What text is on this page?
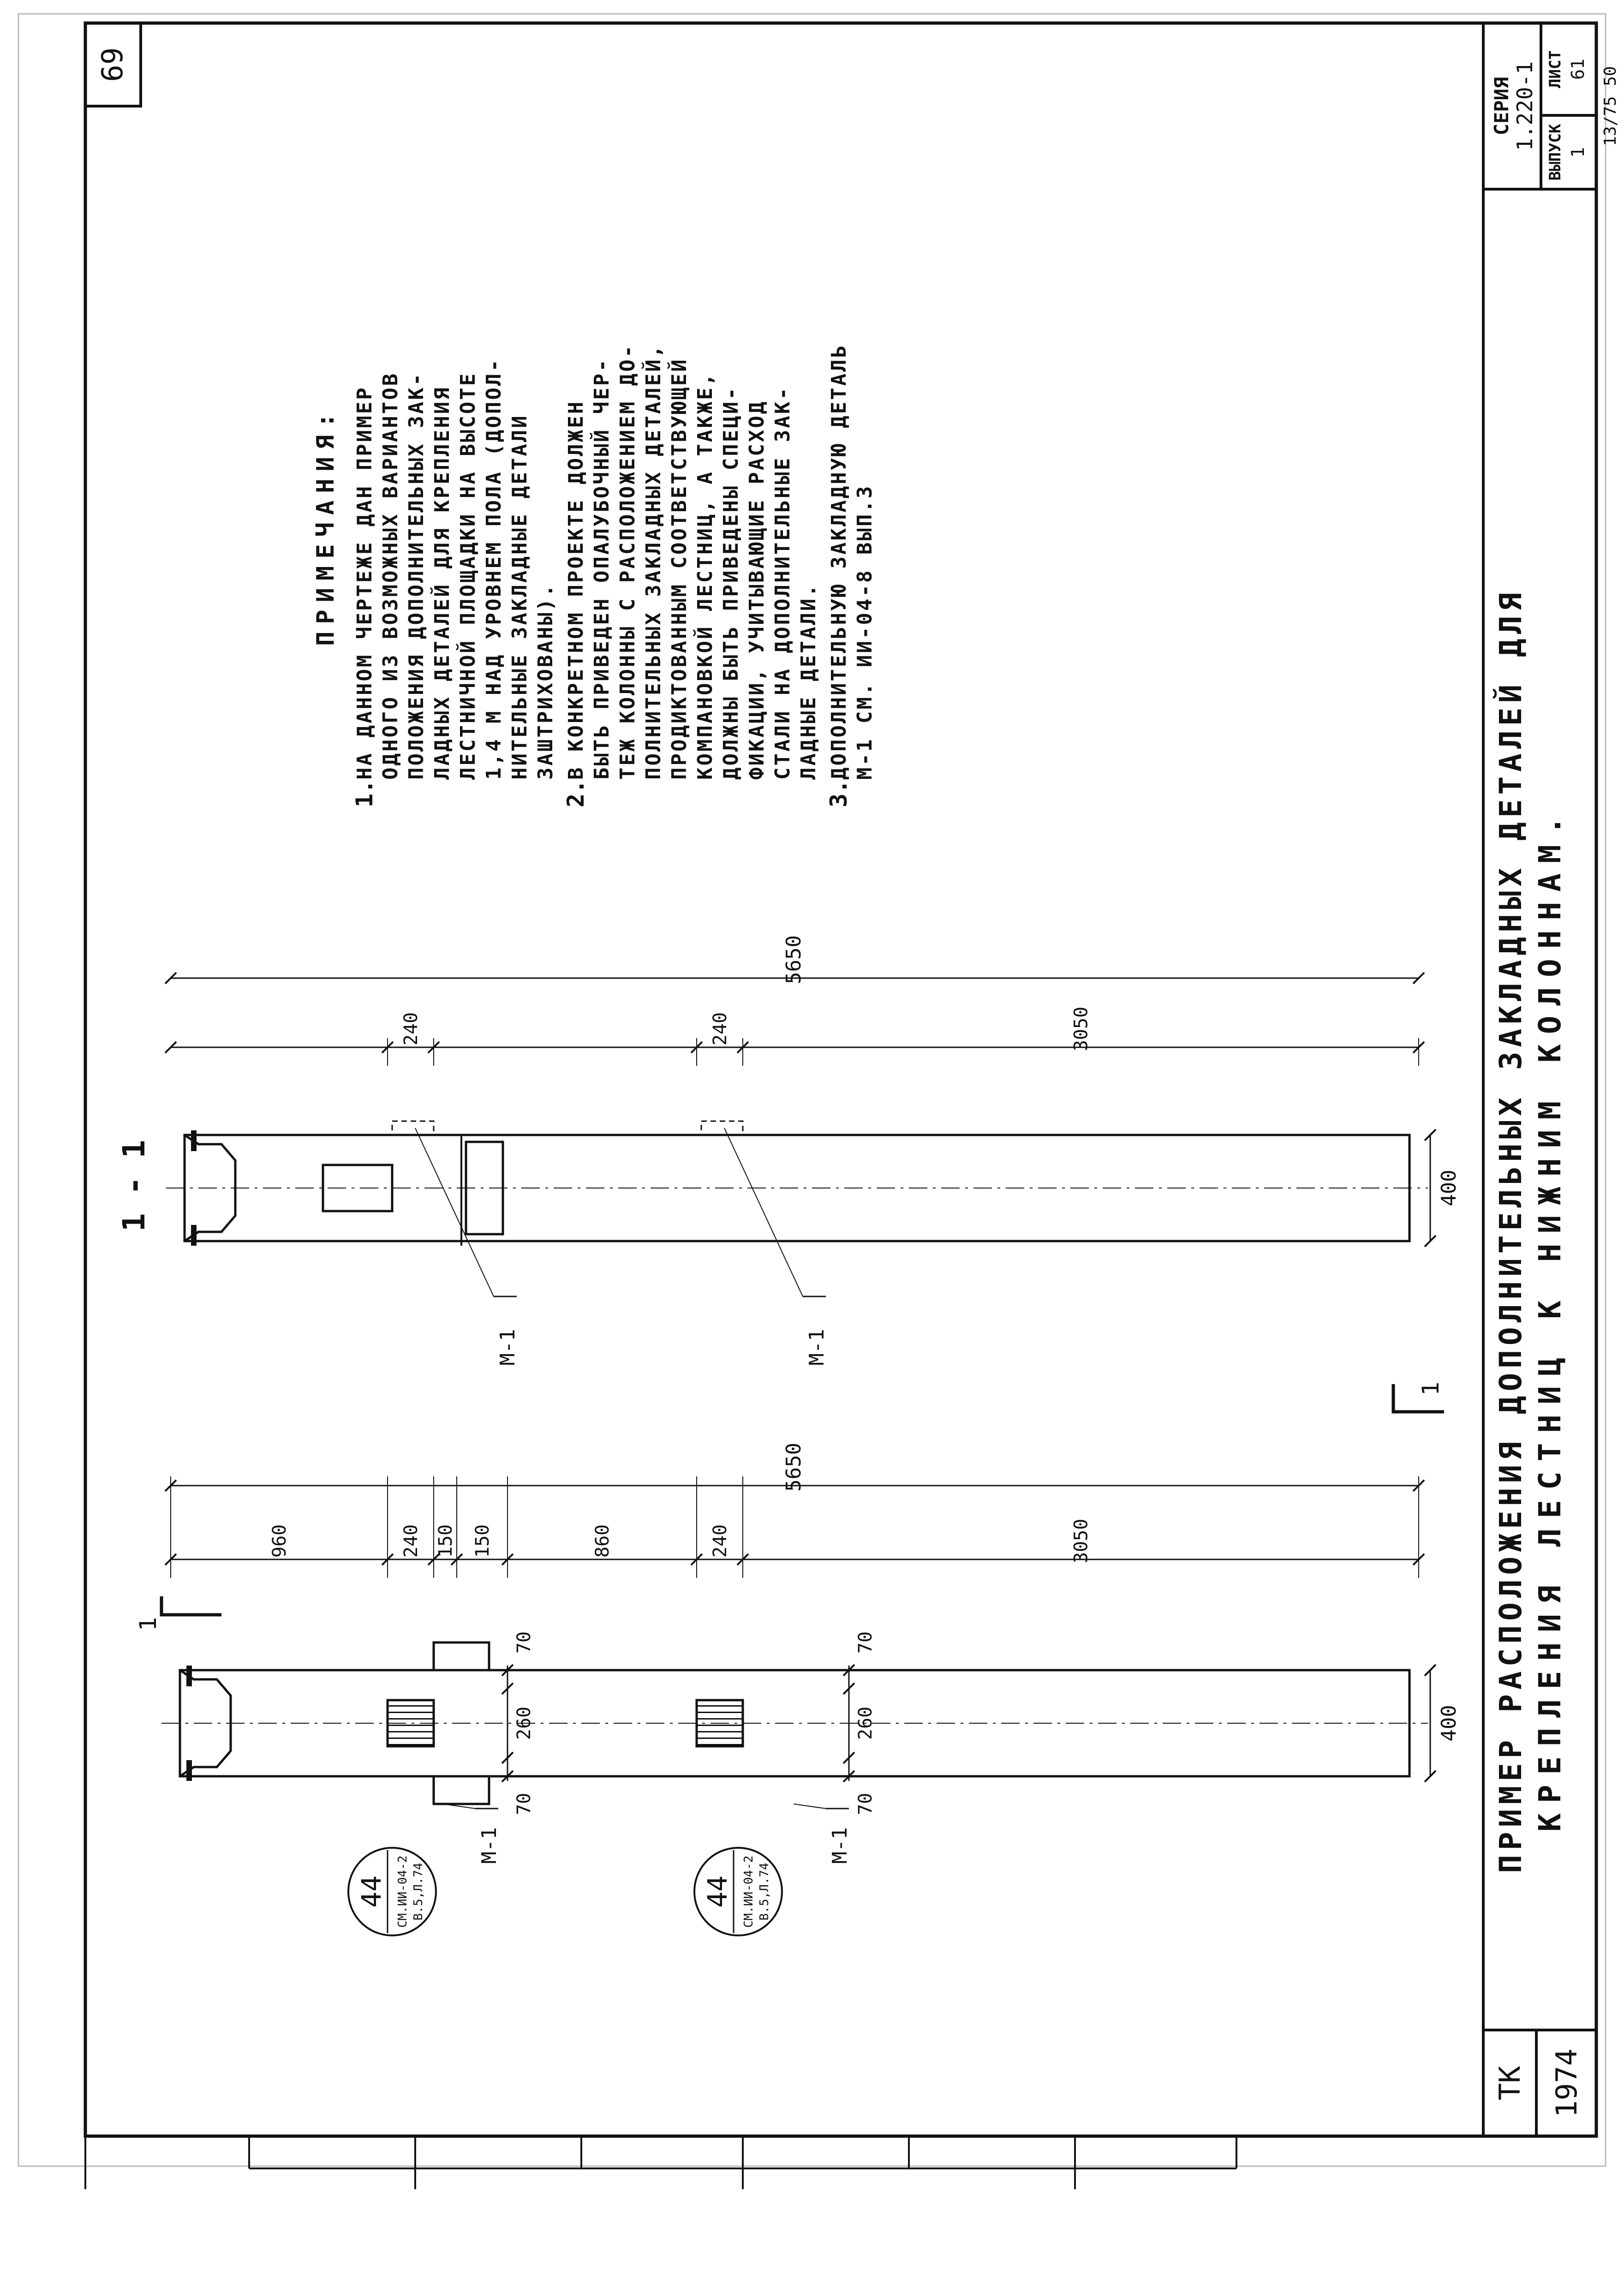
69
СЕРИЯ 1.220-1
ВЫПУСК 1
ЛИСТ 61 13/75 50
ТК 1974
ПРИМЕР РАСПОЛОЖЕНИЯ ДОПОЛНИТЕЛЬНЫХ ЗАКЛАДНЫХ ДЕТАЛЕЙ ДЛЯ КРЕПЛЕНИЯ ЛЕСТНИЦ К НИЖНИМ КОЛОННАМ.
ПРИМЕЧАНИЯ:
1.
НА ДАННОМ ЧЕРТЕЖЕ ДАН ПРИМЕР ОДНОГО ИЗ ВОЗМОЖНЫХ ВАРИАНТОВ ПОЛОЖЕНИЯ ДОПОЛНИТЕЛЬНЫХ ЗАК- ЛАДНЫХ ДЕТАЛЕЙ ДЛЯ КРЕПЛЕНИЯ ЛЕСТНИЧНОЙ ПЛОЩАДКИ НА ВЫСОТЕ 1,4 М НАД УРОВНЕМ ПОЛА (ДОПОЛ- НИТЕЛЬНЫЕ ЗАКЛАДНЫЕ ДЕТАЛИ ЗАШТРИХОВАНЫ).
2.
В КОНКРЕТНОМ ПРОЕКТЕ ДОЛЖЕН БЫТЬ ПРИВЕДЕН ОПАЛУБОЧНЫЙ ЧЕР- ТЕЖ КОЛОННЫ С РАСПОЛОЖЕНИЕМ ДО- ПОЛНИТЕЛЬНЫХ ЗАКЛАДНЫХ ДЕТАЛЕЙ, ПРОДИКТОВАННЫМ СООТВЕТСТВУЮЩЕЙ КОМПАНОВКОЙ ЛЕСТНИЦ, А ТАКЖЕ, ДОЛЖНЫ БЫТЬ ПРИВЕДЕНЫ СПЕЦИ- ФИКАЦИИ, УЧИТЫВАЮЩИЕ РАСХОД СТАЛИ НА ДОПОЛНИТЕЛЬНЫЕ ЗАК- ЛАДНЫЕ ДЕТАЛИ.
3.
ДОПОЛНИТЕЛЬНУЮ ЗАКЛАДНУЮ ДЕТАЛЬ М-1 СМ. ИИ-04-8 ВЫП.3
1
1
5650
960	240 150 150	860	240	3050
400
70
260
70
70
260
70
М-1	М-1
44 СМ.ИИ-04-2 В.5,Л.74	44 СМ.ИИ-04-2 В.5,Л.74
1 - 1
5650
240	240	3050
400
М-1	М-1
